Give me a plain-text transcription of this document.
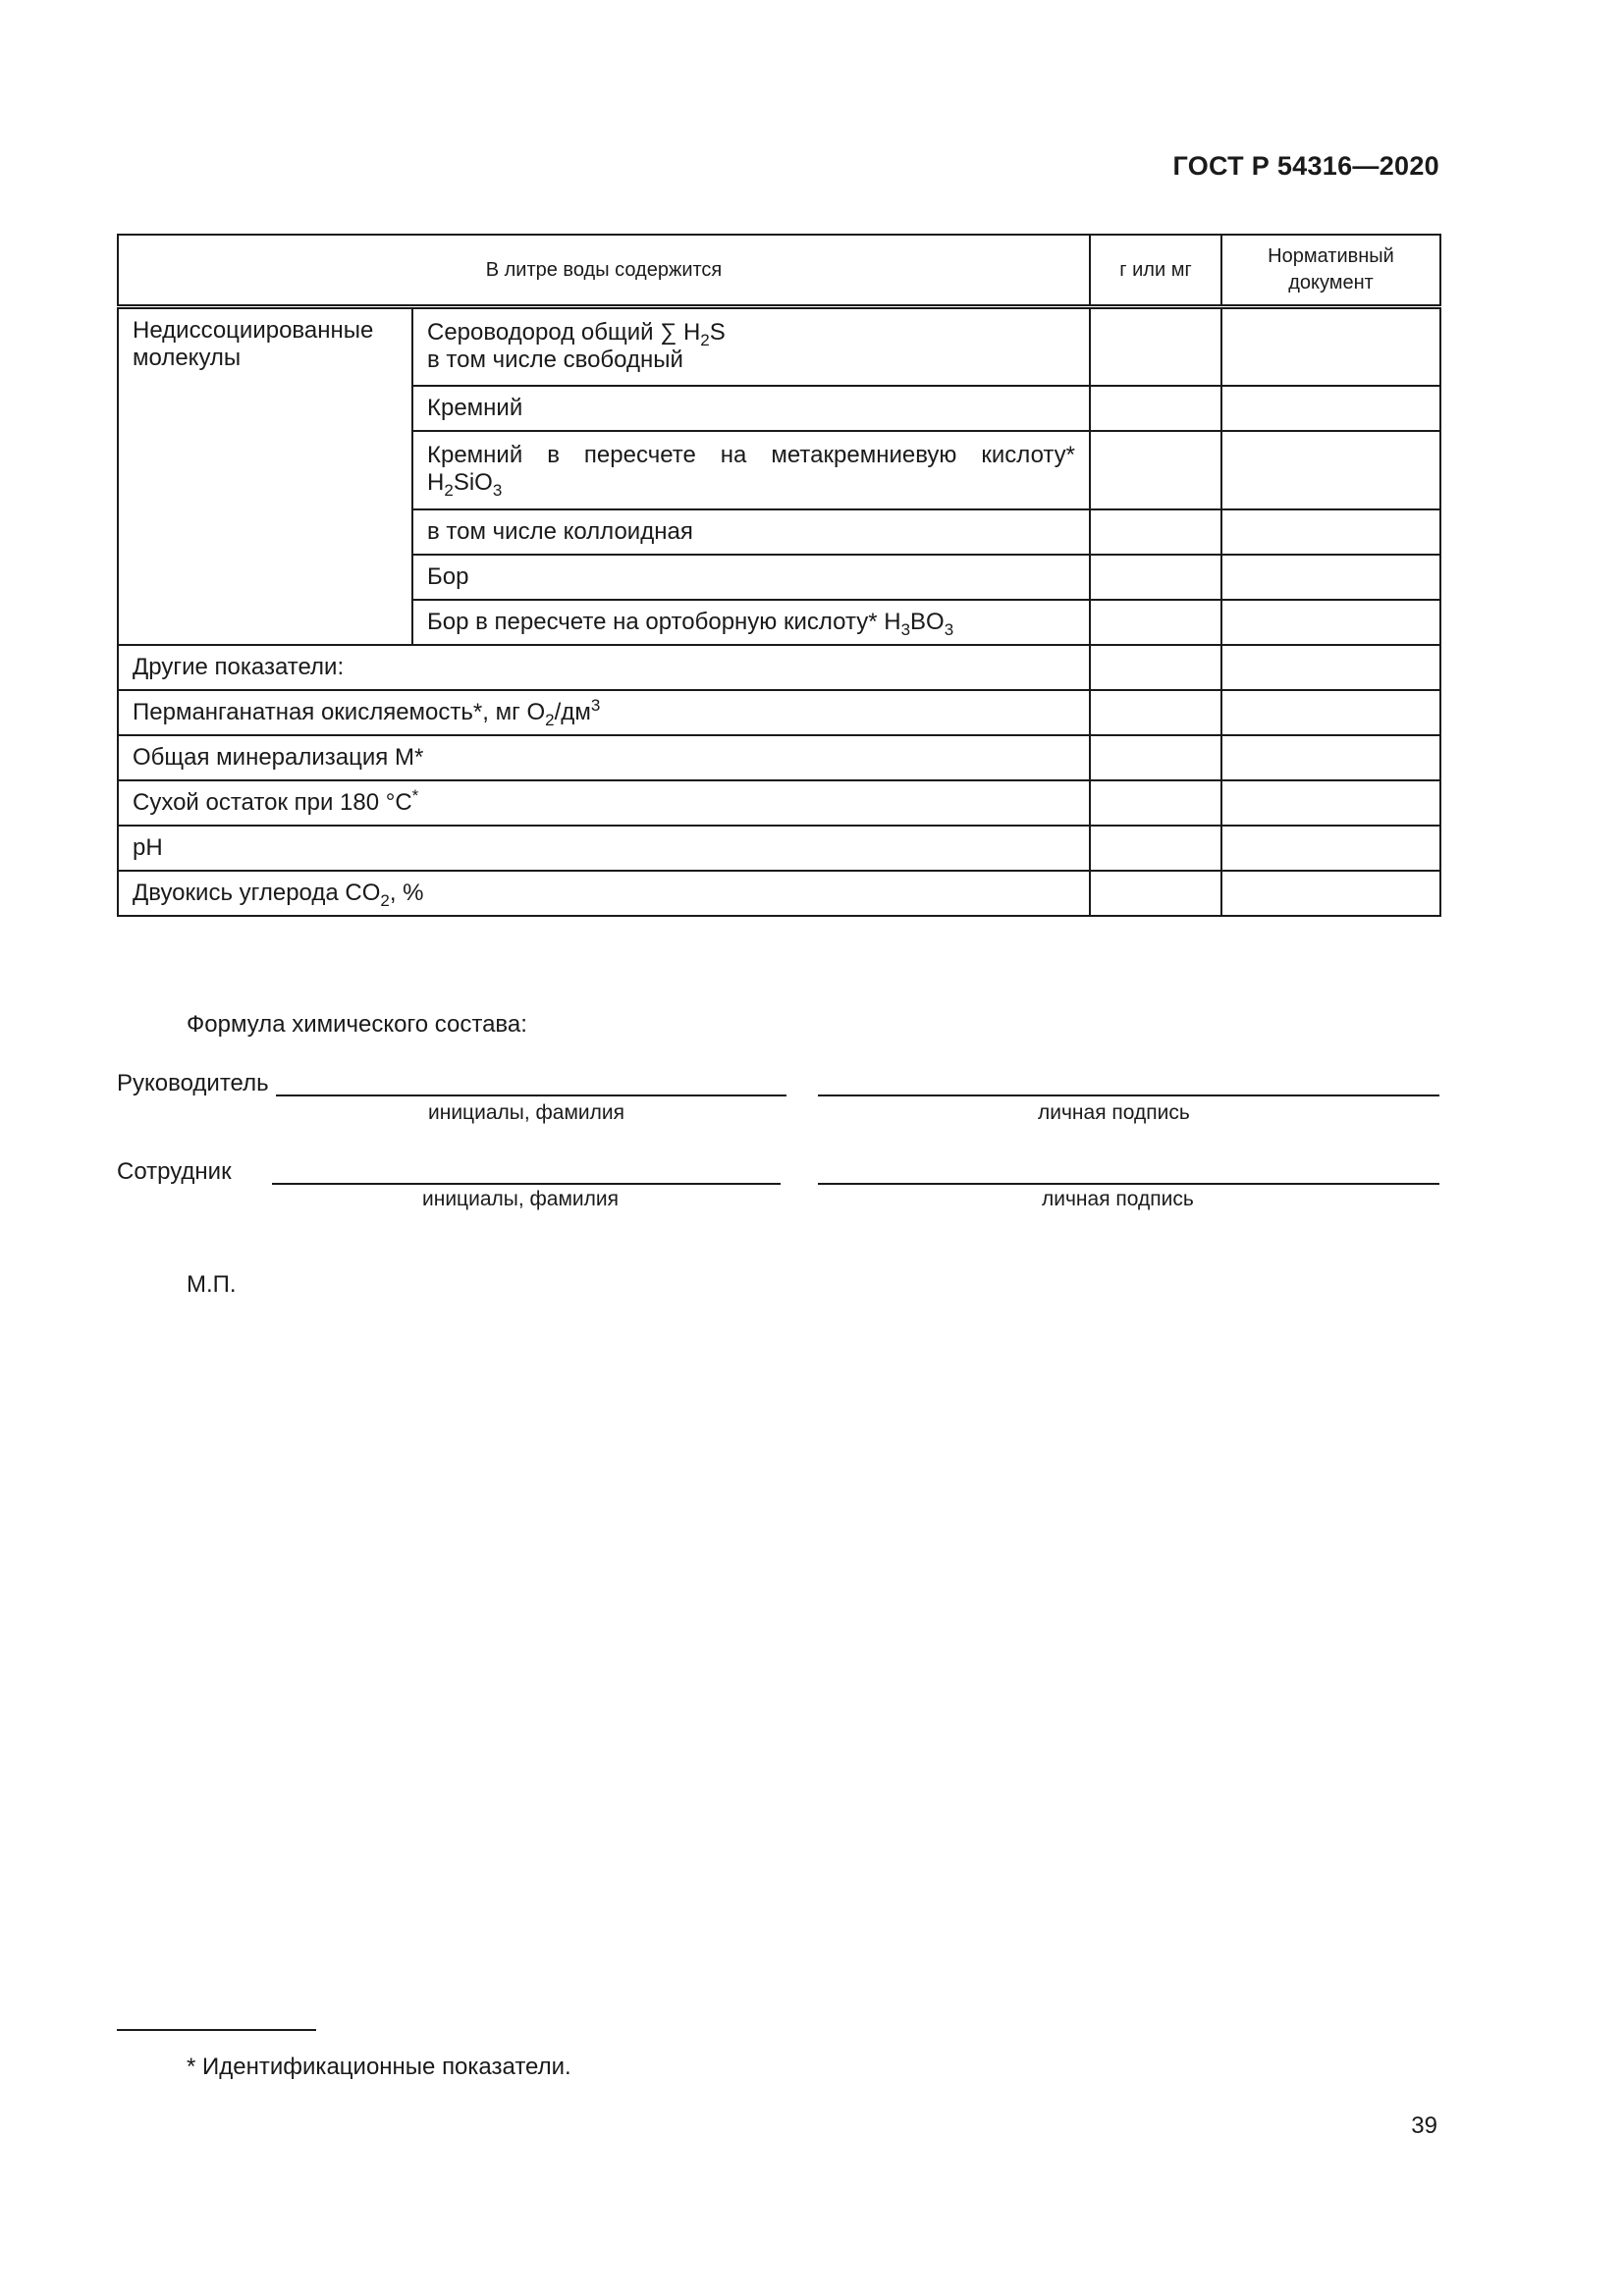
ГОСТ Р 54316—2020
В литре воды содержится		г или мг	Нормативный
документ
Недиссоциированные
молекулы	Сероводород общий ∑ $H_2S$
в том числе свободный		
	Кремний		

	Кремний в пересчете на метакремниевую кислоту*
$H_2SiO_3$		
	в том числе коллоидная		
	Бор		
	Бор в пересчете на ортоборную кислоту* $H_3BO_3$		
Другие показатели:			
Перманганатная окисляемость*, мг $O_2/дм^3$		
Общая минерализация М*			
Сухой остаток при 180 °C*		
pH			
Двуокись углерода $CO_2$, %			
Формула химического состава:
Руководитель
инициалы, фамилия	личная подпись
Сотрудник
инициалы, фамилия	личная подпись
М.П.
* Идентификационные показатели.
39
